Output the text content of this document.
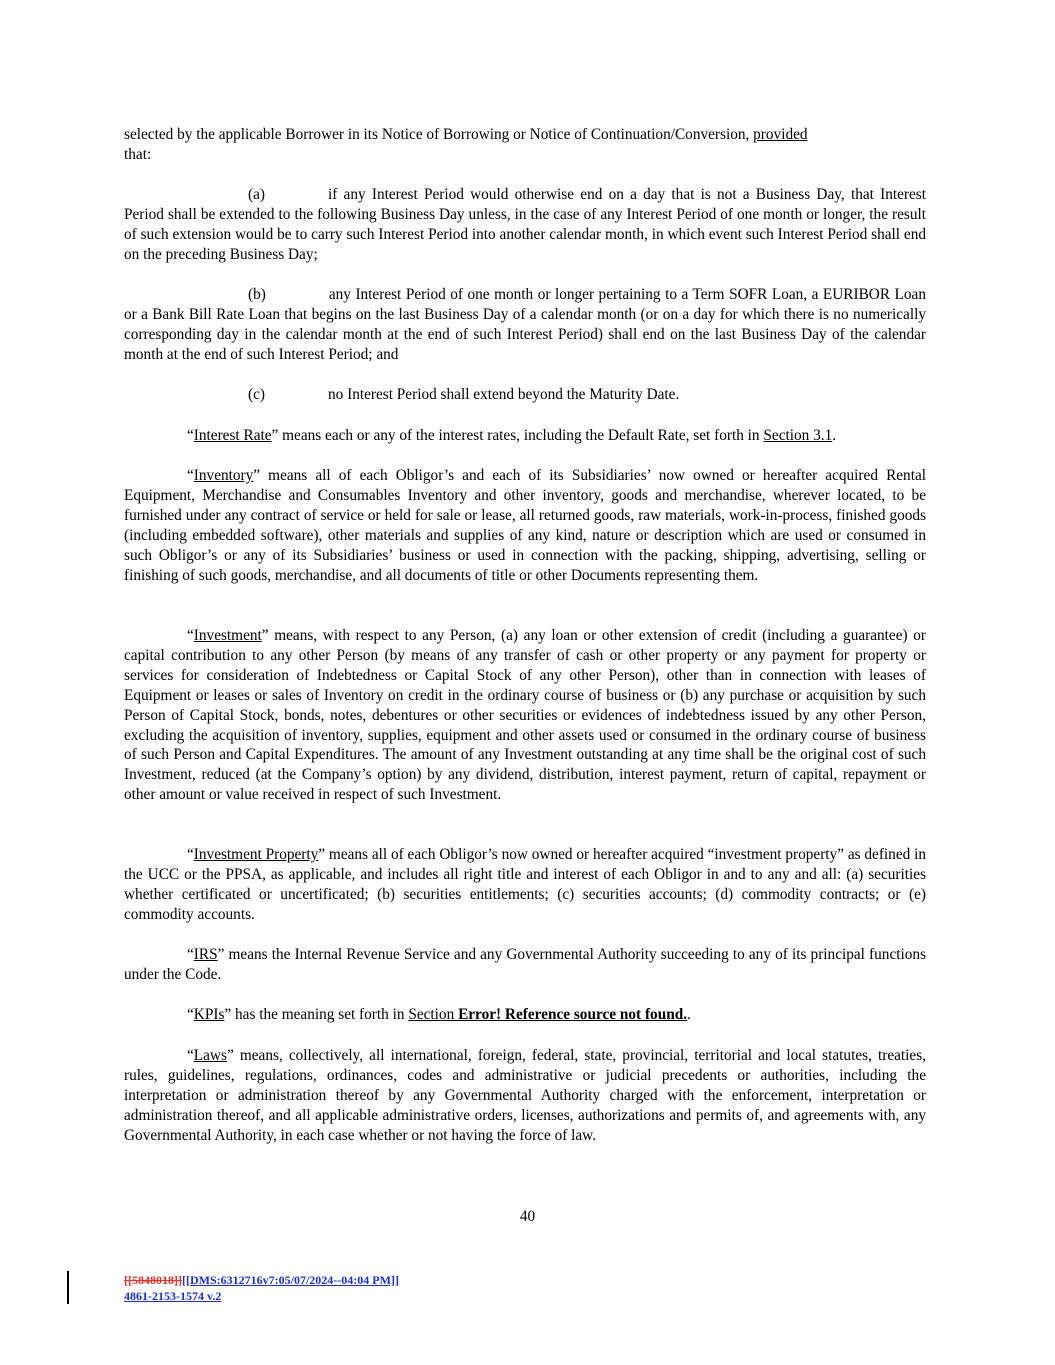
selected by the applicable Borrower in its Notice of Borrowing or Notice of Continuation/Conversion, provided
that:

(a)	if any Interest Period would otherwise end on a day that is not a Business Day, that Interest Period shall be extended to the following Business Day unless, in the case of any Interest Period of one month or longer, the result of such extension would be to carry such Interest Period into another calendar month, in which event such Interest Period shall end on the preceding Business Day;

(b)	any Interest Period of one month or longer pertaining to a Term SOFR Loan, a EURIBOR Loan or a Bank Bill Rate Loan that begins on the last Business Day of a calendar month (or on a day for which there is no numerically corresponding day in the calendar month at the end of such Interest Period) shall end on the last Business Day of the calendar month at the end of such Interest Period; and

(c)	no Interest Period shall extend beyond the Maturity Date.

“Interest Rate” means each or any of the interest rates, including the Default Rate, set forth in Section 3.1.

“Inventory” means all of each Obligor’s and each of its Subsidiaries’ now owned or hereafter acquired Rental Equipment, Merchandise and Consumables Inventory and other inventory, goods and merchandise, wherever located, to be furnished under any contract of service or held for sale or lease, all returned goods, raw materials, work-in-process, finished goods (including embedded software), other materials and supplies of any kind, nature or description which are used or consumed in such Obligor’s or any of its Subsidiaries’ business or used in connection with the packing, shipping, advertising, selling or finishing of such goods, merchandise, and all documents of title or other Documents representing them.

“Investment” means, with respect to any Person, (a) any loan or other extension of credit (including a guarantee) or capital contribution to any other Person (by means of any transfer of cash or other property or any payment for property or services for consideration of Indebtedness or Capital Stock of any other Person), other than in connection with leases of Equipment or leases or sales of Inventory on credit in the ordinary course of business or (b) any purchase or acquisition by such Person of Capital Stock, bonds, notes, debentures or other securities or evidences of indebtedness issued by any other Person, excluding the acquisition of inventory, supplies, equipment and other assets used or consumed in the ordinary course of business of such Person and Capital Expenditures. The amount of any Investment outstanding at any time shall be the original cost of such Investment, reduced (at the Company’s option) by any dividend, distribution, interest payment, return of capital, repayment or other amount or value received in respect of such Investment.

“Investment Property” means all of each Obligor’s now owned or hereafter acquired “investment property” as defined in the UCC or the PPSA, as applicable, and includes all right title and interest of each Obligor in and to any and all: (a) securities whether certificated or uncertificated; (b) securities entitlements; (c) securities accounts; (d) commodity contracts; or (e) commodity accounts.

“IRS” means the Internal Revenue Service and any Governmental Authority succeeding to any of its principal functions under the Code.

“KPIs” has the meaning set forth in Section Error! Reference source not found..

“Laws” means, collectively, all international, foreign, federal, state, provincial, territorial and local statutes, treaties, rules, guidelines, regulations, ordinances, codes and administrative or judicial precedents or authorities, including the interpretation or administration thereof by any Governmental Authority charged with the enforcement, interpretation or administration thereof, and all applicable administrative orders, licenses, authorizations and permits of, and agreements with, any Governmental Authority, in each case whether or not having the force of law.

40
[[5848018]][[DMS:6312716v7:05/07/2024--04:04 PM]]
4861-2153-1574 v.2
